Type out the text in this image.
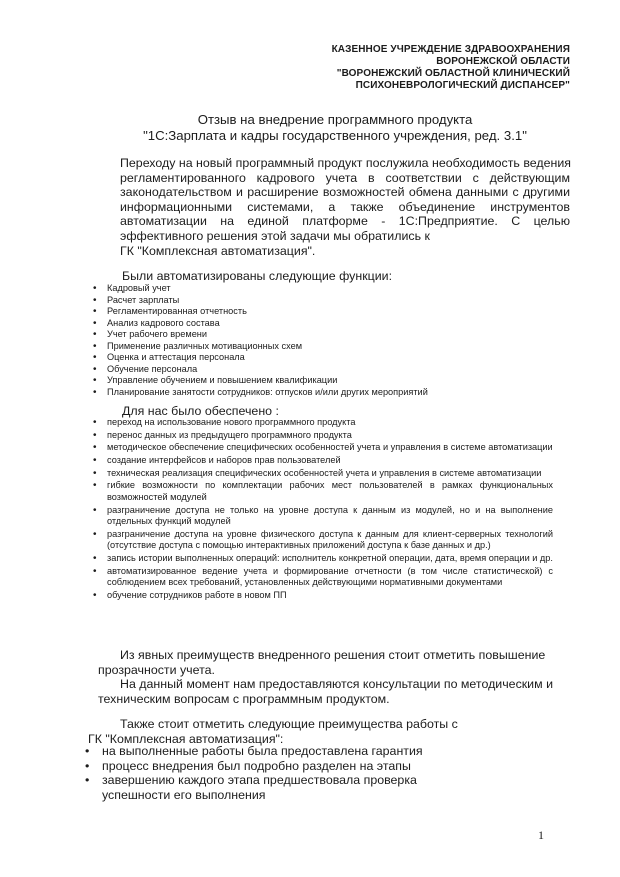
КАЗЕННОЕ УЧРЕЖДЕНИЕ ЗДРАВООХРАНЕНИЯ
ВОРОНЕЖСКОЙ ОБЛАСТИ
"ВОРОНЕЖСКИЙ ОБЛАСТНОЙ КЛИНИЧЕСКИЙ
ПСИХОНЕВРОЛОГИЧЕСКИЙ ДИСПАНСЕР"
Отзыв на внедрение программного продукта
"1С:Зарплата и кадры государственного учреждения, ред. 3.1"
Переходу на новый программный продукт послужила необходимость ведения
регламентированного кадрового учета в соответствии с действующим
законодательством и расширение возможностей обмена данными с другими
информационными системами, а также объединение инструментов
автоматизации на единой платформе - 1С:Предприятие. С целью
эффективного решения этой задачи мы обратились к
ГК "Комплексная автоматизация".
Были автоматизированы следующие функции:
• Кадровый учет
• Расчет зарплаты
• Регламентированная отчетность
• Анализ кадрового состава
• Учет рабочего времени
• Применение различных мотивационных схем
• Оценка и аттестация персонала
• Обучение персонала
• Управление обучением и повышением квалификации
• Планирование занятости сотрудников: отпусков и/или других мероприятий
Для нас было обеспечено :
• переход на использование нового программного продукта
• перенос данных из предыдущего программного продукта
• методическое обеспечение специфических особенностей учета и управления в системе автоматизации
• создание интерфейсов и наборов прав пользователей
• техническая реализация специфических особенностей учета и управления в системе автоматизации
• гибкие возможности по комплектации рабочих мест пользователей в рамках функциональных возможностей модулей
• разграничение доступа не только на уровне доступа к данным из модулей, но и на выполнение отдельных функций модулей
• разграничение доступа на уровне физического доступа к данным для клиент-серверных технологий (отсутствие доступа с помощью интерактивных приложений доступа к базе данных и др.)
• запись истории выполненных операций: исполнитель конкретной операции, дата, время операции и др.
• автоматизированное ведение учета и формирование отчетности (в том числе статистической) с соблюдением всех требований, установленных действующими нормативными документами
• обучение сотрудников работе в новом ПП
Из явных преимуществ внедренного решения стоит отметить повышение
прозрачности учета.
На данный момент нам предоставляются консультации по методическим и
техническим вопросам с программным продуктом.
Также стоит отметить следующие преимущества работы с
ГК "Комплексная автоматизация":
• на выполненные работы была предоставлена гарантия
• процесс внедрения был подробно разделен на этапы
• завершению каждого этапа предшествовала проверка
успешности его выполнения
1
